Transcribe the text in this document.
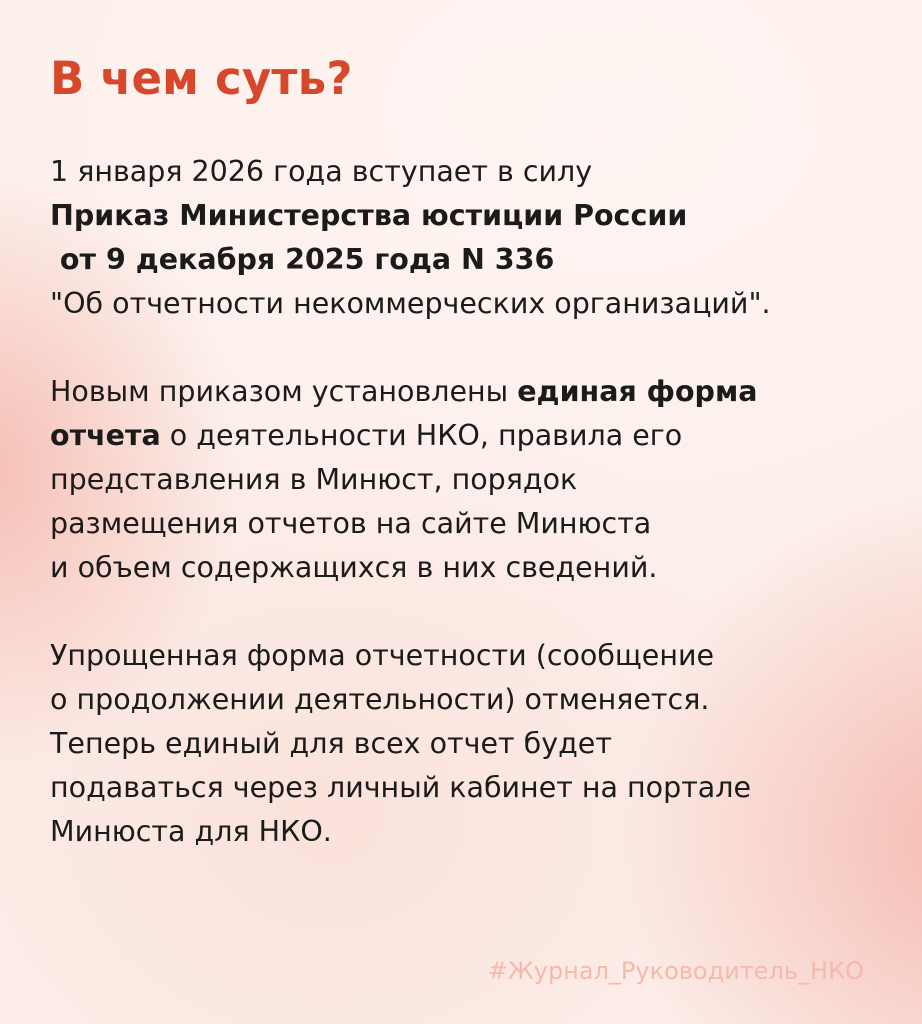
В чем суть?
1 января 2026 года вступает в силу
Приказ Министерства юстиции России
от 9 декабря 2025 года N 336
"Об отчетности некоммерческих организаций".
Новым приказом установлены единая форма
отчета о деятельности НКО, правила его
представления в Минюст, порядок
размещения отчетов на сайте Минюста
и объем содержащихся в них сведений.
Упрощенная форма отчетности (сообщение
о продолжении деятельности) отменяется.
Теперь единый для всех отчет будет
подаваться через личный кабинет на портале
Минюста для НКО.
#Журнал_Руководитель_НКО
